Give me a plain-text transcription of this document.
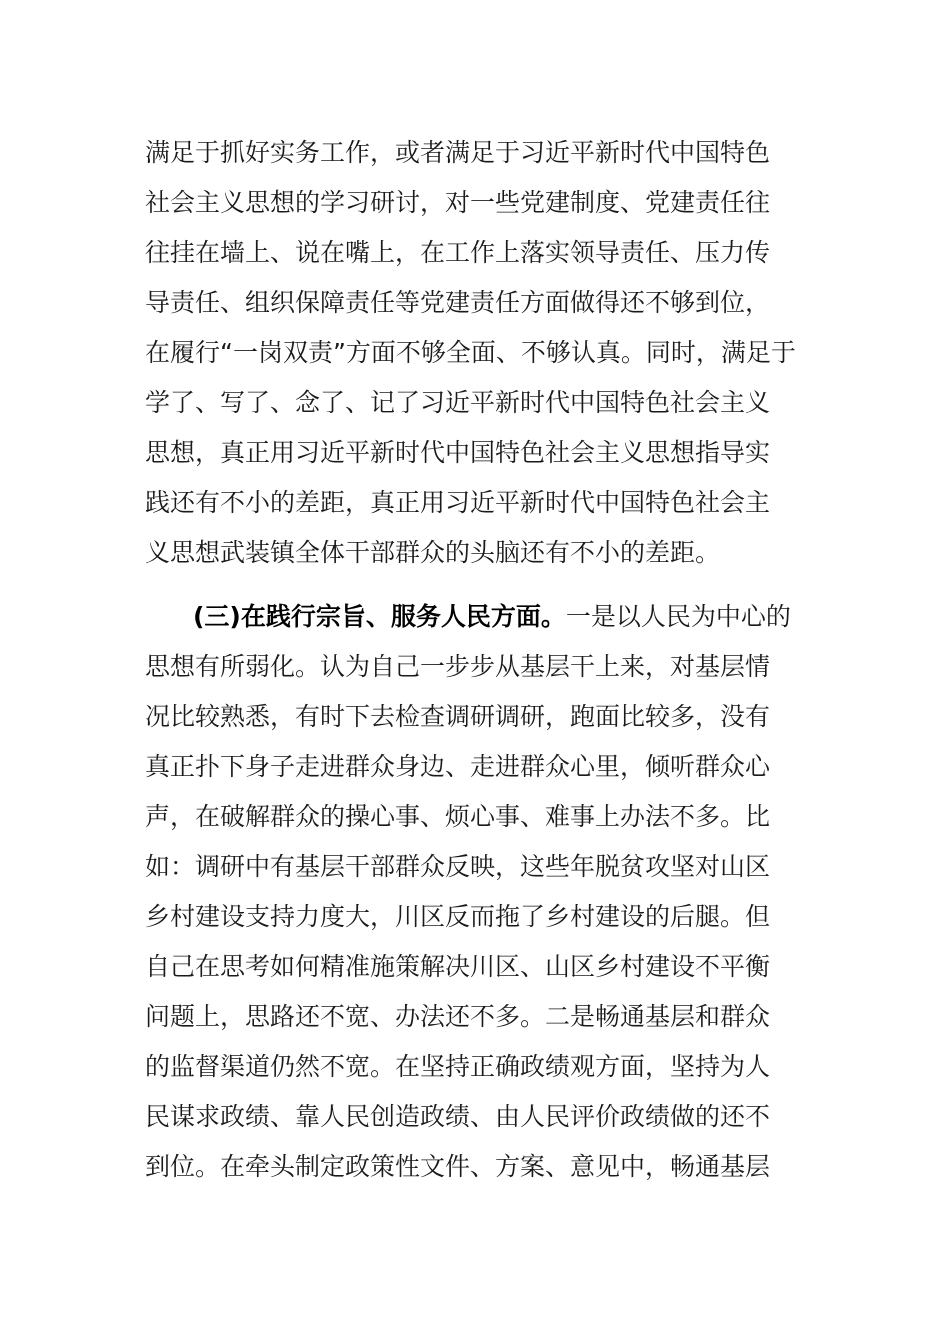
满足于抓好实务工作，或者满足于习近平新时代中国特色
社会主义思想的学习研讨，对一些党建制度、党建责任往
往挂在墙上、说在嘴上，在工作上落实领导责任、压力传
导责任、组织保障责任等党建责任方面做得还不够到位，
在履行“一岗双责”方面不够全面、不够认真。同时，满足于
学了、写了、念了、记了习近平新时代中国特色社会主义
思想，真正用习近平新时代中国特色社会主义思想指导实
践还有不小的差距，真正用习近平新时代中国特色社会主
义思想武装镇全体干部群众的头脑还有不小的差距。
(三)在践行宗旨、服务人民方面。一是以人民为中心的
思想有所弱化。认为自己一步步从基层干上来，对基层情
况比较熟悉，有时下去检查调研调研，跑面比较多，没有
真正扑下身子走进群众身边、走进群众心里，倾听群众心
声，在破解群众的操心事、烦心事、难事上办法不多。比
如：调研中有基层干部群众反映，这些年脱贫攻坚对山区
乡村建设支持力度大，川区反而拖了乡村建设的后腿。但
自己在思考如何精准施策解决川区、山区乡村建设不平衡
问题上，思路还不宽、办法还不多。二是畅通基层和群众
的监督渠道仍然不宽。在坚持正确政绩观方面，坚持为人
民谋求政绩、靠人民创造政绩、由人民评价政绩做的还不
到位。在牵头制定政策性文件、方案、意见中，畅通基层
